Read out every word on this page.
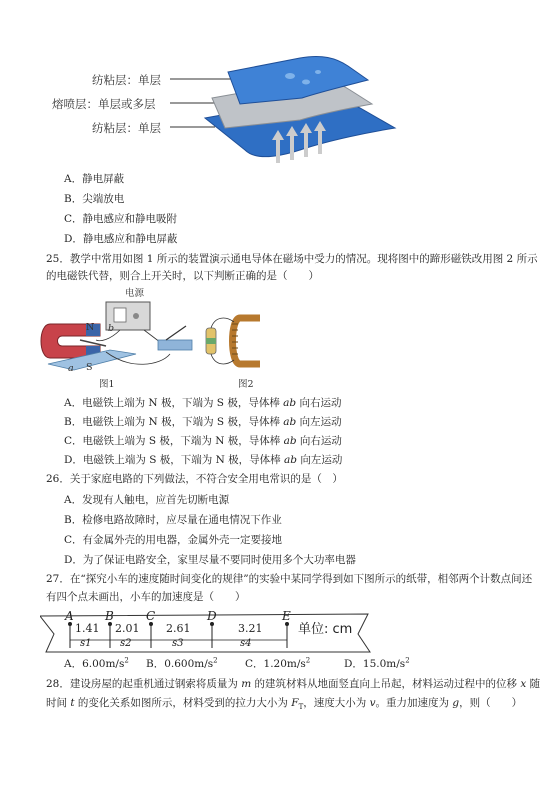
纺粘层：单层
熔喷层：单层或多层
纺粘层：单层
A．静电屏蔽
B．尖端放电
C．静电感应和静电吸附
D．静电感应和静电屏蔽
25．教学中常用如图 1 所示的装置演示通电导体在磁场中受力的情况。现将图中的蹄形磁铁改用图 2 所示
的电磁铁代替，则合上开关时，以下判断正确的是（　　）
电源
N
S
a
b
图1	图2
A．电磁铁上端为 N 极，下端为 S 极，导体棒 ab 向右运动
B．电磁铁上端为 N 极，下端为 S 极，导体棒 ab 向左运动
C．电磁铁上端为 S 极，下端为 N 极，导体棒 ab 向右运动
D．电磁铁上端为 S 极，下端为 N 极，导体棒 ab 向左运动
26．关于家庭电路的下列做法，不符合安全用电常识的是（　）
A．发现有人触电，应首先切断电源
B．检修电路故障时，应尽量在通电情况下作业
C．有金属外壳的用电器，金属外壳一定要接地
D．为了保证电路安全，家里尽量不要同时使用多个大功率电器
27．在“探究小车的速度随时间变化的规律”的实验中某同学得到如下图所示的纸带，相邻两个计数点间还
有四个点未画出，小车的加速度是（　　）
A	B	C	D	E
1.41 2.01 2.61	3.21
s1	s2	s3	s4
单位: cm
A．$6.00m/s^2$ B．$0.600m/s^2$	C．$1.20m/s^2$	D．$15.0m/s^2$
28．建设房屋的起重机通过钢索将质量为 m 的建筑材料从地面竖直向上吊起，材料运动过程中的位移 x 随
时间 t 的变化关系如图所示，材料受到的拉力大小为 $F_T$，速度大小为 v。重力加速度为 g，则（　　）
